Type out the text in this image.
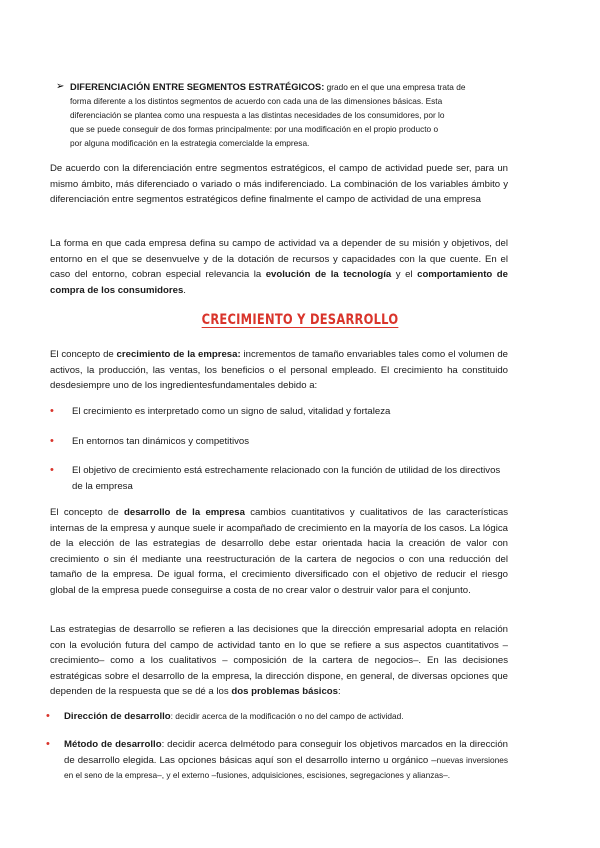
➢ DIFERENCIACIÓN ENTRE SEGMENTOS ESTRATÉGICOS: grado en el que una empresa trata de
forma diferente a los distintos segmentos de acuerdo con cada una de las dimensiones básicas. Esta
diferenciación se plantea como una respuesta a las distintas necesidades de los consumidores, por lo
que se puede conseguir de dos formas principalmente: por una modificación en el propio producto o
por alguna modificación en la estrategia comercialde la empresa.

De acuerdo con la diferenciación entre segmentos estratégicos, el campo de actividad puede ser, para un mismo ámbito, más diferenciado o variado o más indiferenciado. La combinación de los variables ámbito y diferenciación entre segmentos estratégicos define finalmente el campo de actividad de una empresa

La forma en que cada empresa defina su campo de actividad va a depender de su misión y objetivos, del entorno en el que se desenvuelve y de la dotación de recursos y capacidades con la que cuente. En el caso del entorno, cobran especial relevancia la evolución de la tecnología y el comportamiento de compra de los consumidores.

CRECIMIENTO Y DESARROLLO

El concepto de crecimiento de la empresa: incrementos de tamaño envariables tales como el volumen de activos, la producción, las ventas, los beneficios o el personal empleado. El crecimiento ha constituido desdesiempre uno de los ingredientesfundamentales debido a:

• El crecimiento es interpretado como un signo de salud, vitalidad y fortaleza
• En entornos tan dinámicos y competitivos
• El objetivo de crecimiento está estrechamente relacionado con la función de utilidad de los directivos de la empresa

El concepto de desarrollo de la empresa cambios cuantitativos y cualitativos de las características internas de la empresa y aunque suele ir acompañado de crecimiento en la mayoría de los casos. La lógica de la elección de las estrategias de desarrollo debe estar orientada hacia la creación de valor con crecimiento o sin él mediante una reestructuración de la cartera de negocios o con una reducción del tamaño de la empresa. De igual forma, el crecimiento diversificado con el objetivo de reducir el riesgo global de la empresa puede conseguirse a costa de no crear valor o destruir valor para el conjunto.

Las estrategias de desarrollo se refieren a las decisiones que la dirección empresarial adopta en relación con la evolución futura del campo de actividad tanto en lo que se refiere a sus aspectos cuantitativos –crecimiento– como a los cualitativos – composición de la cartera de negocios–. En las decisiones estratégicas sobre el desarrollo de la empresa, la dirección dispone, en general, de diversas opciones que dependen de la respuesta que se dé a los dos problemas básicos:

• Dirección de desarrollo: decidir acerca de la modificación o no del campo de actividad.
• Método de desarrollo: decidir acerca delmétodo para conseguir los objetivos marcados en la dirección de desarrollo elegida. Las opciones básicas aquí son el desarrollo interno u orgánico –nuevas inversiones en el seno de la empresa–, y el externo –fusiones, adquisiciones, escisiones, segregaciones y alianzas–.
